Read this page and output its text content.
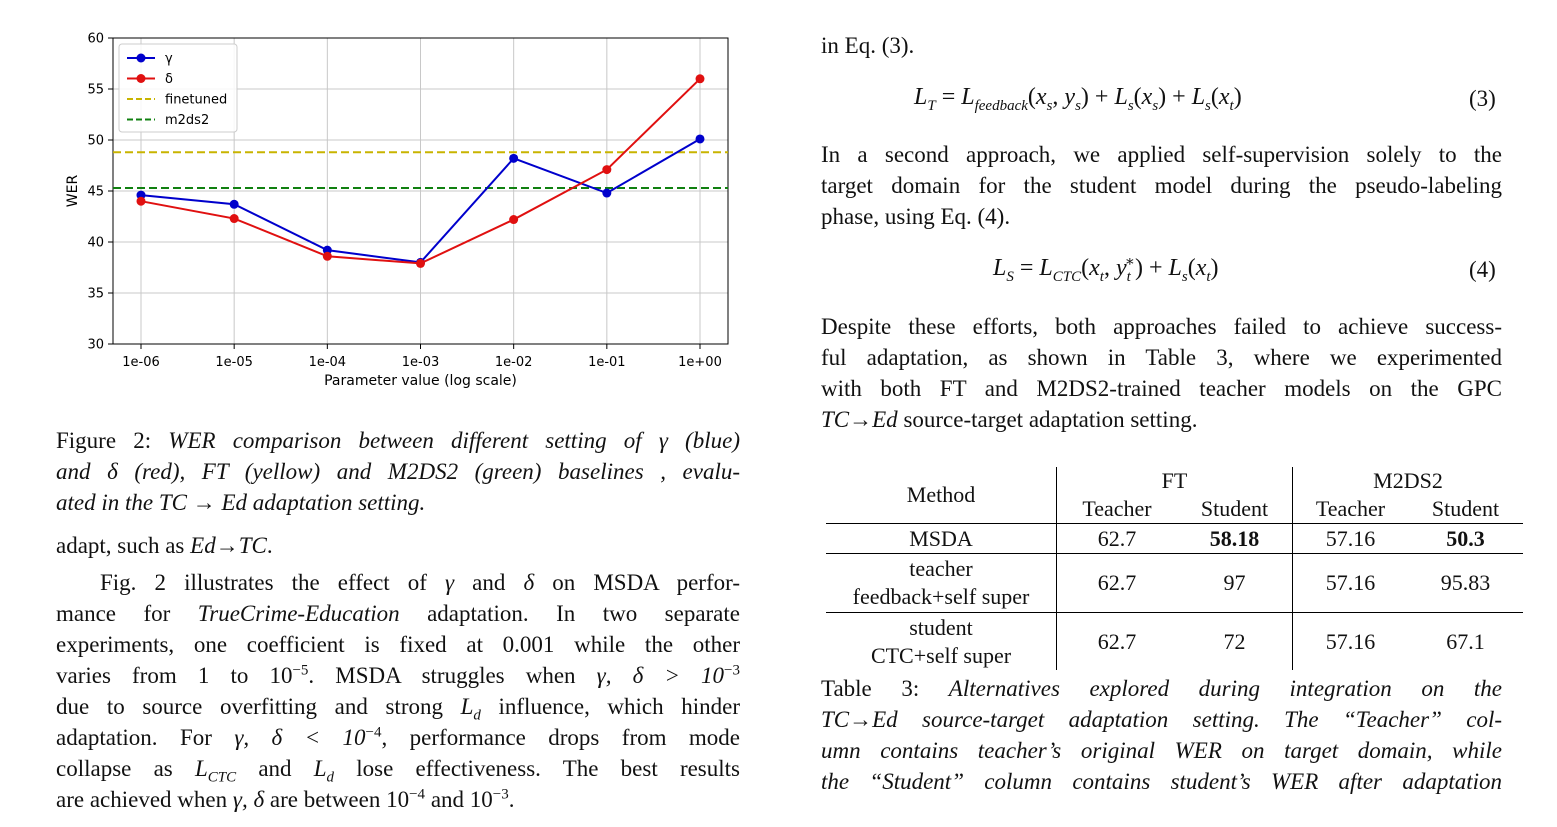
30
35
40
45
50
55
60
1e-06	1e-05	1e-04	1e-03	1e-02	1e-01	1e+00
Parameter value (log scale)
WER
γ
δ
finetuned
m2ds2
Figure 2: WER comparison between different setting of γ (blue)
and δ (red), FT (yellow) and M2DS2 (green) baselines , evalu-
ated in the TC → Ed adaptation setting.
adapt, such as Ed→TC.
Fig. 2 illustrates the effect of γ and δ on MSDA perfor-
mance for TrueCrime-Education adaptation. In two separate
experiments, one coefficient is fixed at 0.001 while the other
varies from 1 to $10^{-5}$. MSDA struggles when γ, $\delta > 10^{-3}$
due to source overfitting and strong $L_d$ influence, which hinder
adaptation. For γ, $\delta < 10^{-4}$, performance drops from mode
collapse as $L_{CTC}$ and $L_d$ lose effectiveness. The best results
are achieved when γ, δ are between $10^{-4}$ and $10^{-3}$.
in Eq. (3).
$L_T = L_{feedback}(x_s$, $y_s) + L_s(x_s) + L_s(x_t)$	(3)
In a second approach, we applied self-supervision solely to the
target domain for the student model during the pseudo-labeling
phase, using Eq. (4).
$L_S = L_{CTC}(x_t$, $y_t^∗) + L_s(x_t)$	(4)
Despite these efforts, both approaches failed to achieve success-
ful adaptation, as shown in Table 3, where we experimented
with both FT and M2DS2-trained teacher models on the GPC
TC→Ed source-target adaptation setting.
Method	FT		M2DS2	
	Teacher	Student	Teacher	Student
MSDA	62.7	58.18	57.16	50.3

teacher
feedback+self super	62.7	97	57.16	95.83

student
CTC+self super	62.7	72	57.16	67.1
Table 3: Alternatives explored during integration on the
TC→Ed source-target adaptation setting. The “Teacher” col-
umn contains teacher’s original WER on target domain, while
the “Student” column contains student’s WER after adaptation
